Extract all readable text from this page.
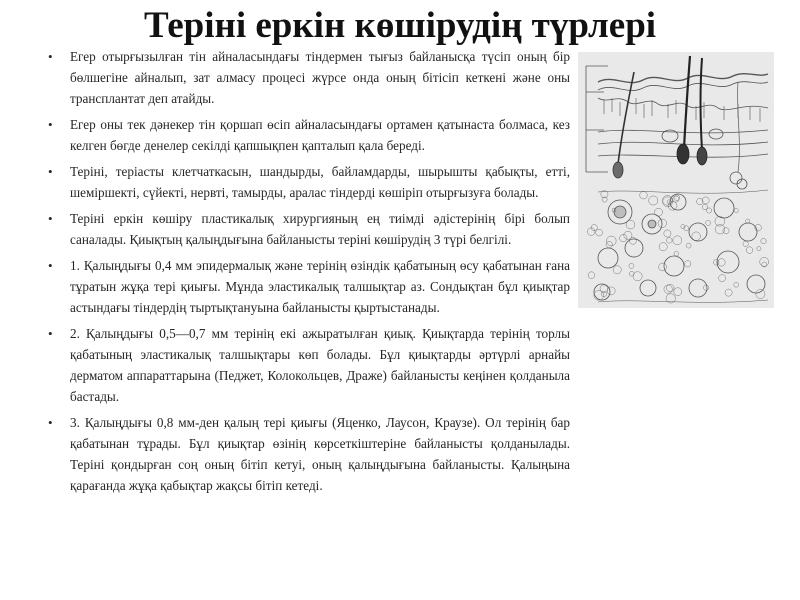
Теріні еркін көшірудің түрлері
• Егер отырғызылған тін айналасындағы тіндермен тығыз байланысқа түсіп оның бір бөлшегіне айналып, зат алмасу процесі жүрсе онда оның бітісіп кеткені және оны трансплантат деп атайды.
• Егер оны тек дәнекер тін қоршап өсіп айналасындағы ортамен қатынаста болмаса, кез келген бөгде денелер секілді қапшықпен қапталып қала береді.
• Теріні, теріасты клетчаткасын, шандырды, байламдарды, шырышты қабықты, етті, шеміршекті, сүйекті, нервті, тамырды, аралас тіндерді көшіріп отырғызуға болады.
• Теріні еркін көшіру пластикалық хирургияның ең тиімді әдістерінің бірі болып саналады. Қиықтың қалыңдығына байланысты теріні көшірудің 3 түрі белгілі.
• 1. Қалыңдығы 0,4 мм эпидермалық және терінің өзіндік қабатының өсу қабатынан ғана тұратын жұқа тері қиығы. Мұнда эластикалық талшықтар аз. Сондықтан бұл қиықтар астындағы тіндердің тыртықтануына байланысты қыртыстанады.
• 2. Қалыңдығы 0,5—0,7 мм терінің екі ажыратылған қиық. Қиықтарда терінің торлы қабатының эластикалық талшықтары көп болады. Бұл қиықтарды әртүрлі арнайы дерматом аппараттарына (Педжет, Колокольцев, Драже) байланысты кеңінен қолданыла бастады.
• 3. Қалыңдығы 0,8 мм-ден қалың тері қиығы (Яценко, Лаусон, Краузе). Ол терінің бар қабатынан тұрады. Бұл қиықтар өзінің көрсеткіштеріне байланысты қолданылады. Теріні қондырған соң оның бітіп кетуі, оның қалыңдығына байланысты. Қалыңына қарағанда жұқа қабықтар жақсы бітіп кетеді.
